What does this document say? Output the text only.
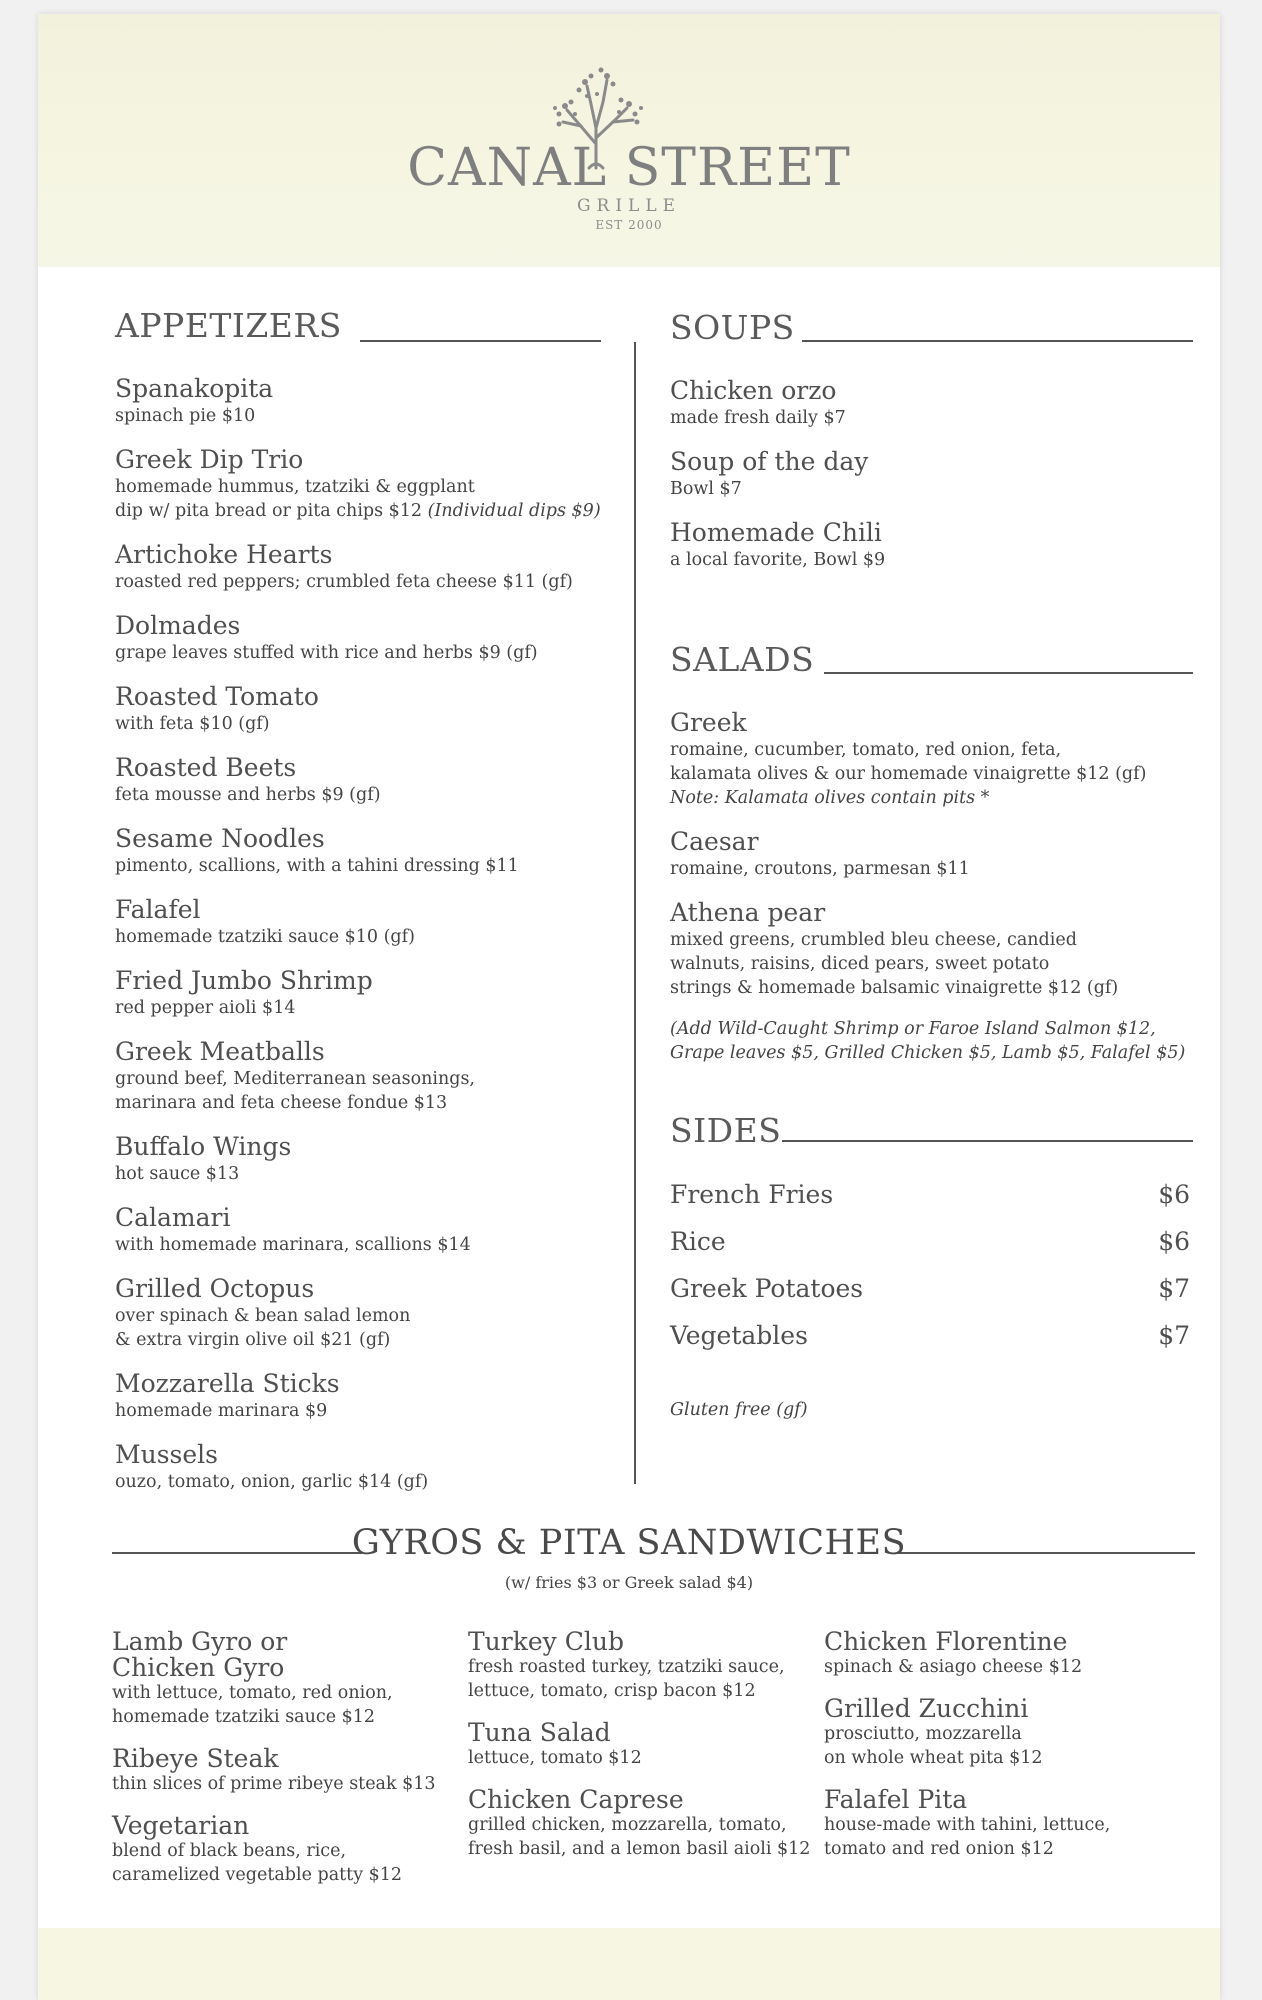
CANAL STREET
GRILLE
EST 2000
APPETIZERS
Spanakopita
spinach pie $10
Greek Dip Trio
homemade hummus, tzatziki & eggplant
dip w/ pita bread or pita chips $12 (Individual dips $9)
Artichoke Hearts
roasted red peppers; crumbled feta cheese $11 (gf)
Dolmades
grape leaves stuffed with rice and herbs $9 (gf)
Roasted Tomato
with feta $10 (gf)
Roasted Beets
feta mousse and herbs $9 (gf)
Sesame Noodles
pimento, scallions, with a tahini dressing $11
Falafel
homemade tzatziki sauce $10 (gf)
Fried Jumbo Shrimp
red pepper aioli $14
Greek Meatballs
ground beef, Mediterranean seasonings,
marinara and feta cheese fondue $13
Buffalo Wings
hot sauce $13
Calamari
with homemade marinara, scallions $14
Grilled Octopus
over spinach & bean salad lemon
& extra virgin olive oil $21 (gf)
Mozzarella Sticks
homemade marinara $9
Mussels
ouzo, tomato, onion, garlic $14 (gf)
SOUPS
Chicken orzo
made fresh daily $7
Soup of the day
Bowl $7
Homemade Chili
a local favorite, Bowl $9
SALADS
Greek
romaine, cucumber, tomato, red onion, feta,
kalamata olives & our homemade vinaigrette $12 (gf)
Note: Kalamata olives contain pits *
Caesar
romaine, croutons, parmesan $11
Athena pear
mixed greens, crumbled bleu cheese, candied
walnuts, raisins, diced pears, sweet potato
strings & homemade balsamic vinaigrette $12 (gf)
(Add Wild-Caught Shrimp or Faroe Island Salmon $12,
Grape leaves $5, Grilled Chicken $5, Lamb $5, Falafel $5)
SIDES
French Fries	$6
Rice	$6
Greek Potatoes	$7
Vegetables	$7
Gluten free (gf)
GYROS & PITA SANDWICHES
(w/ fries $3 or Greek salad $4)
Lamb Gyro or
Chicken Gyro
with lettuce, tomato, red onion,
homemade tzatziki sauce $12
Ribeye Steak
thin slices of prime ribeye steak $13
Vegetarian
blend of black beans, rice,
caramelized vegetable patty $12
Turkey Club
fresh roasted turkey, tzatziki sauce,
lettuce, tomato, crisp bacon $12
Tuna Salad
lettuce, tomato $12
Chicken Caprese
grilled chicken, mozzarella, tomato,
fresh basil, and a lemon basil aioli $12
Chicken Florentine
spinach & asiago cheese $12
Grilled Zucchini
prosciutto, mozzarella
on whole wheat pita $12
Falafel Pita
house-made with tahini, lettuce,
tomato and red onion $12
